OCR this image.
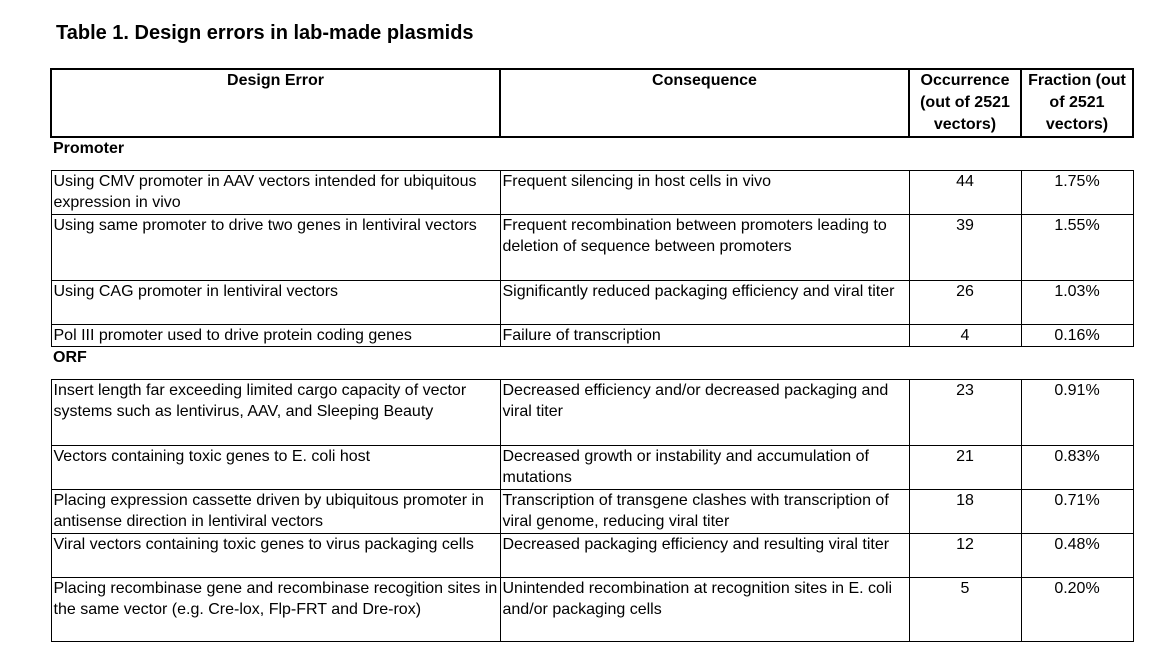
Table 1. Design errors in lab-made plasmids
Design Error	Consequence	Occurrence (out of 2521 vectors)	Fraction (out of 2521 vectors)
Promoter			
Using CMV promoter in AAV vectors intended for ubiquitous expression in vivo	Frequent silencing in host cells in vivo	44	1.75%
Using same promoter to drive two genes in lentiviral vectors	Frequent recombination between promoters leading to deletion of sequence between promoters	39	1.55%
Using CAG promoter in lentiviral vectors	Significantly reduced packaging efficiency and viral titer	26	1.03%
Pol III promoter used to drive protein coding genes	Failure of transcription	4	0.16%
ORF			
Insert length far exceeding limited cargo capacity of vector systems such as lentivirus, AAV, and Sleeping Beauty	Decreased efficiency and/or decreased packaging and viral titer	23	0.91%
Vectors containing toxic genes to E. coli host	Decreased growth or instability and accumulation of mutations	21	0.83%
Placing expression cassette driven by ubiquitous promoter in antisense direction in lentiviral vectors	Transcription of transgene clashes with transcription of viral genome, reducing viral titer	18	0.71%
Viral vectors containing toxic genes to virus packaging cells	Decreased packaging efficiency and resulting viral titer	12	0.48%
Placing recombinase gene and recombinase recogition sites in the same vector (e.g. Cre-lox, Flp-FRT and Dre-rox)	Unintended recombination at recognition sites in E. coli and/or packaging cells	5	0.20%
